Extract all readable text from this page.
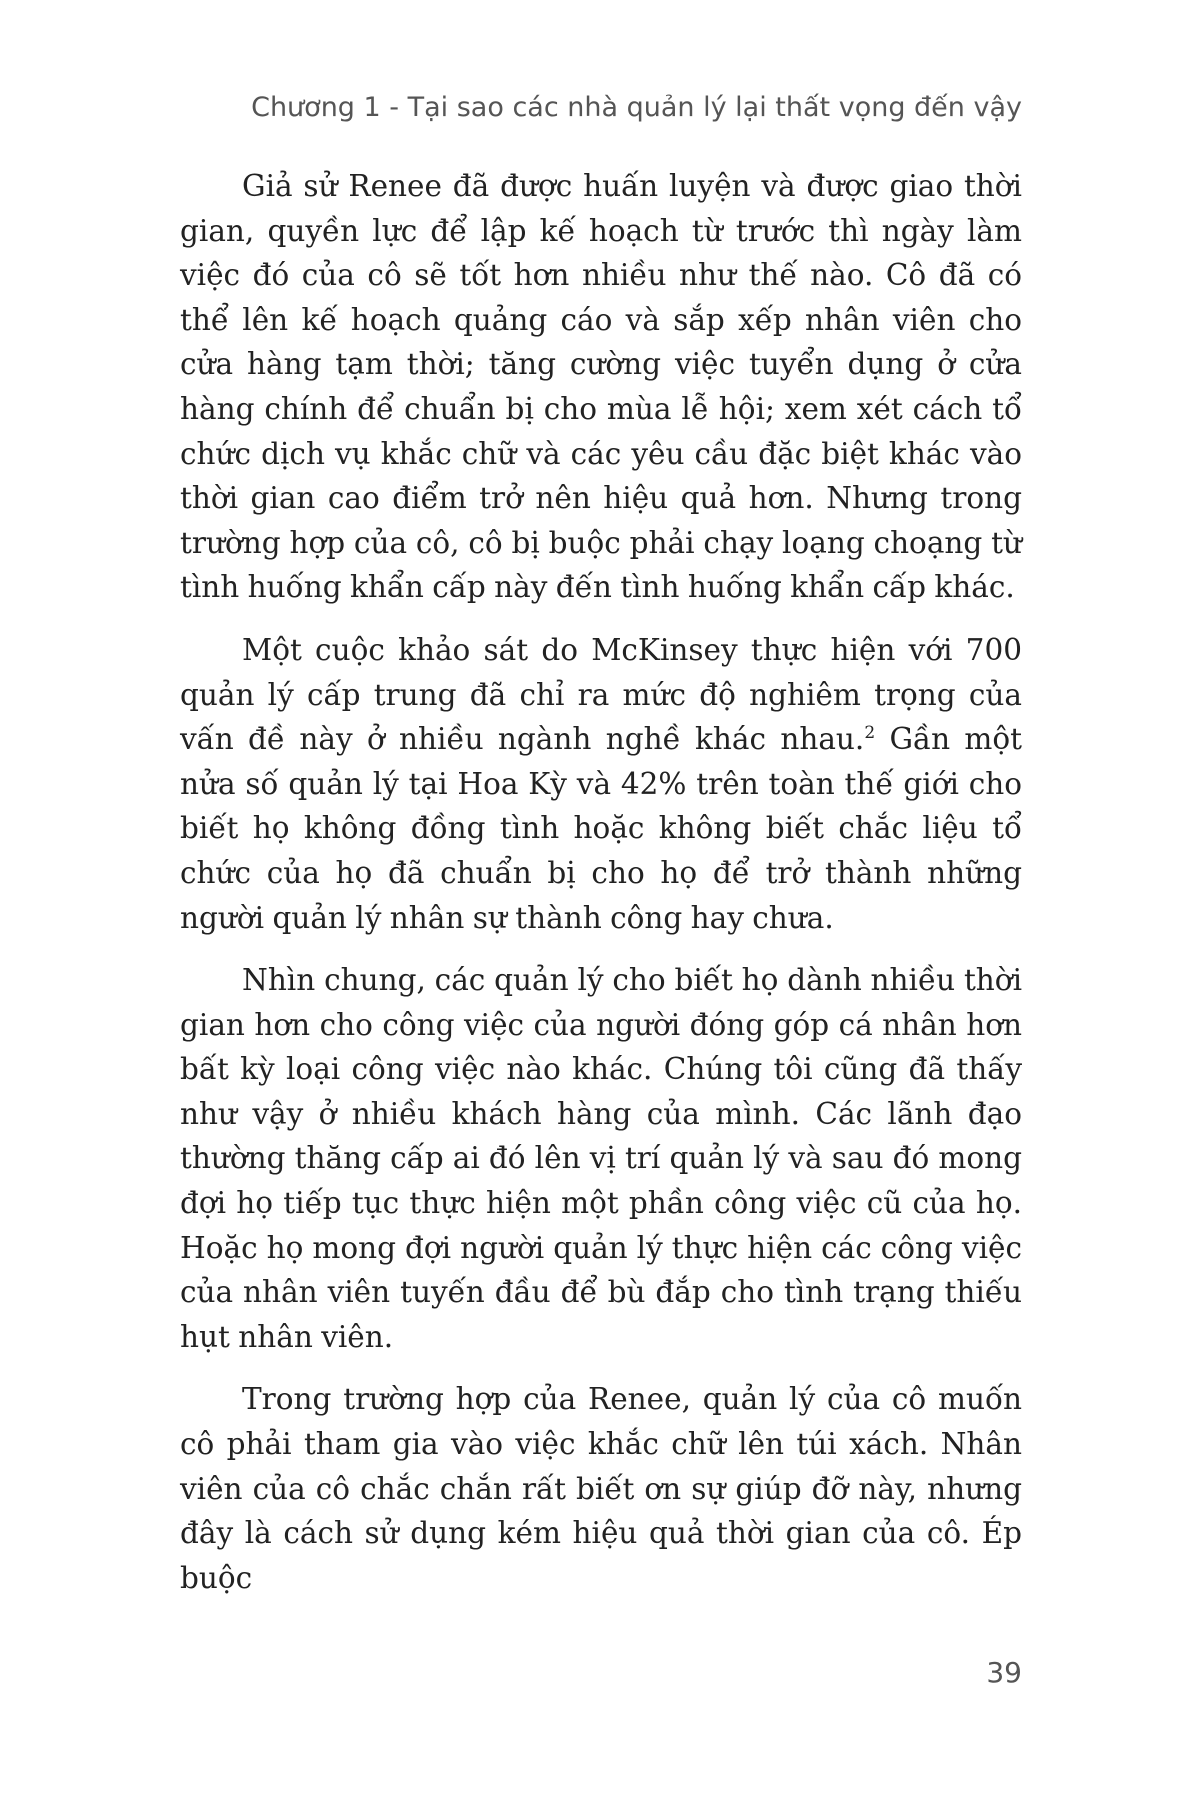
Chương 1 - Tại sao các nhà quản lý lại thất vọng đến vậy

Giả sử Renee đã được huấn luyện và được giao thời gian, quyền lực để lập kế hoạch từ trước thì ngày làm việc đó của cô sẽ tốt hơn nhiều như thế nào. Cô đã có thể lên kế hoạch quảng cáo và sắp xếp nhân viên cho cửa hàng tạm thời; tăng cường việc tuyển dụng ở cửa hàng chính để chuẩn bị cho mùa lễ hội; xem xét cách tổ chức dịch vụ khắc chữ và các yêu cầu đặc biệt khác vào thời gian cao điểm trở nên hiệu quả hơn. Nhưng trong trường hợp của cô, cô bị buộc phải chạy loạng choạng từ tình huống khẩn cấp này đến tình huống khẩn cấp khác.

Một cuộc khảo sát do McKinsey thực hiện với 700 quản lý cấp trung đã chỉ ra mức độ nghiêm trọng của vấn đề này ở nhiều ngành nghề khác nhau.$^2$ Gần một nửa số quản lý tại Hoa Kỳ và 42% trên toàn thế giới cho biết họ không đồng tình hoặc không biết chắc liệu tổ chức của họ đã chuẩn bị cho họ để trở thành những người quản lý nhân sự thành công hay chưa.

Nhìn chung, các quản lý cho biết họ dành nhiều thời gian hơn cho công việc của người đóng góp cá nhân hơn bất kỳ loại công việc nào khác. Chúng tôi cũng đã thấy như vậy ở nhiều khách hàng của mình. Các lãnh đạo thường thăng cấp ai đó lên vị trí quản lý và sau đó mong đợi họ tiếp tục thực hiện một phần công việc cũ của họ. Hoặc họ mong đợi người quản lý thực hiện các công việc của nhân viên tuyến đầu để bù đắp cho tình trạng thiếu hụt nhân viên.

Trong trường hợp của Renee, quản lý của cô muốn cô phải tham gia vào việc khắc chữ lên túi xách. Nhân viên của cô chắc chắn rất biết ơn sự giúp đỡ này, nhưng đây là cách sử dụng kém hiệu quả thời gian của cô. Ép buộc

39
